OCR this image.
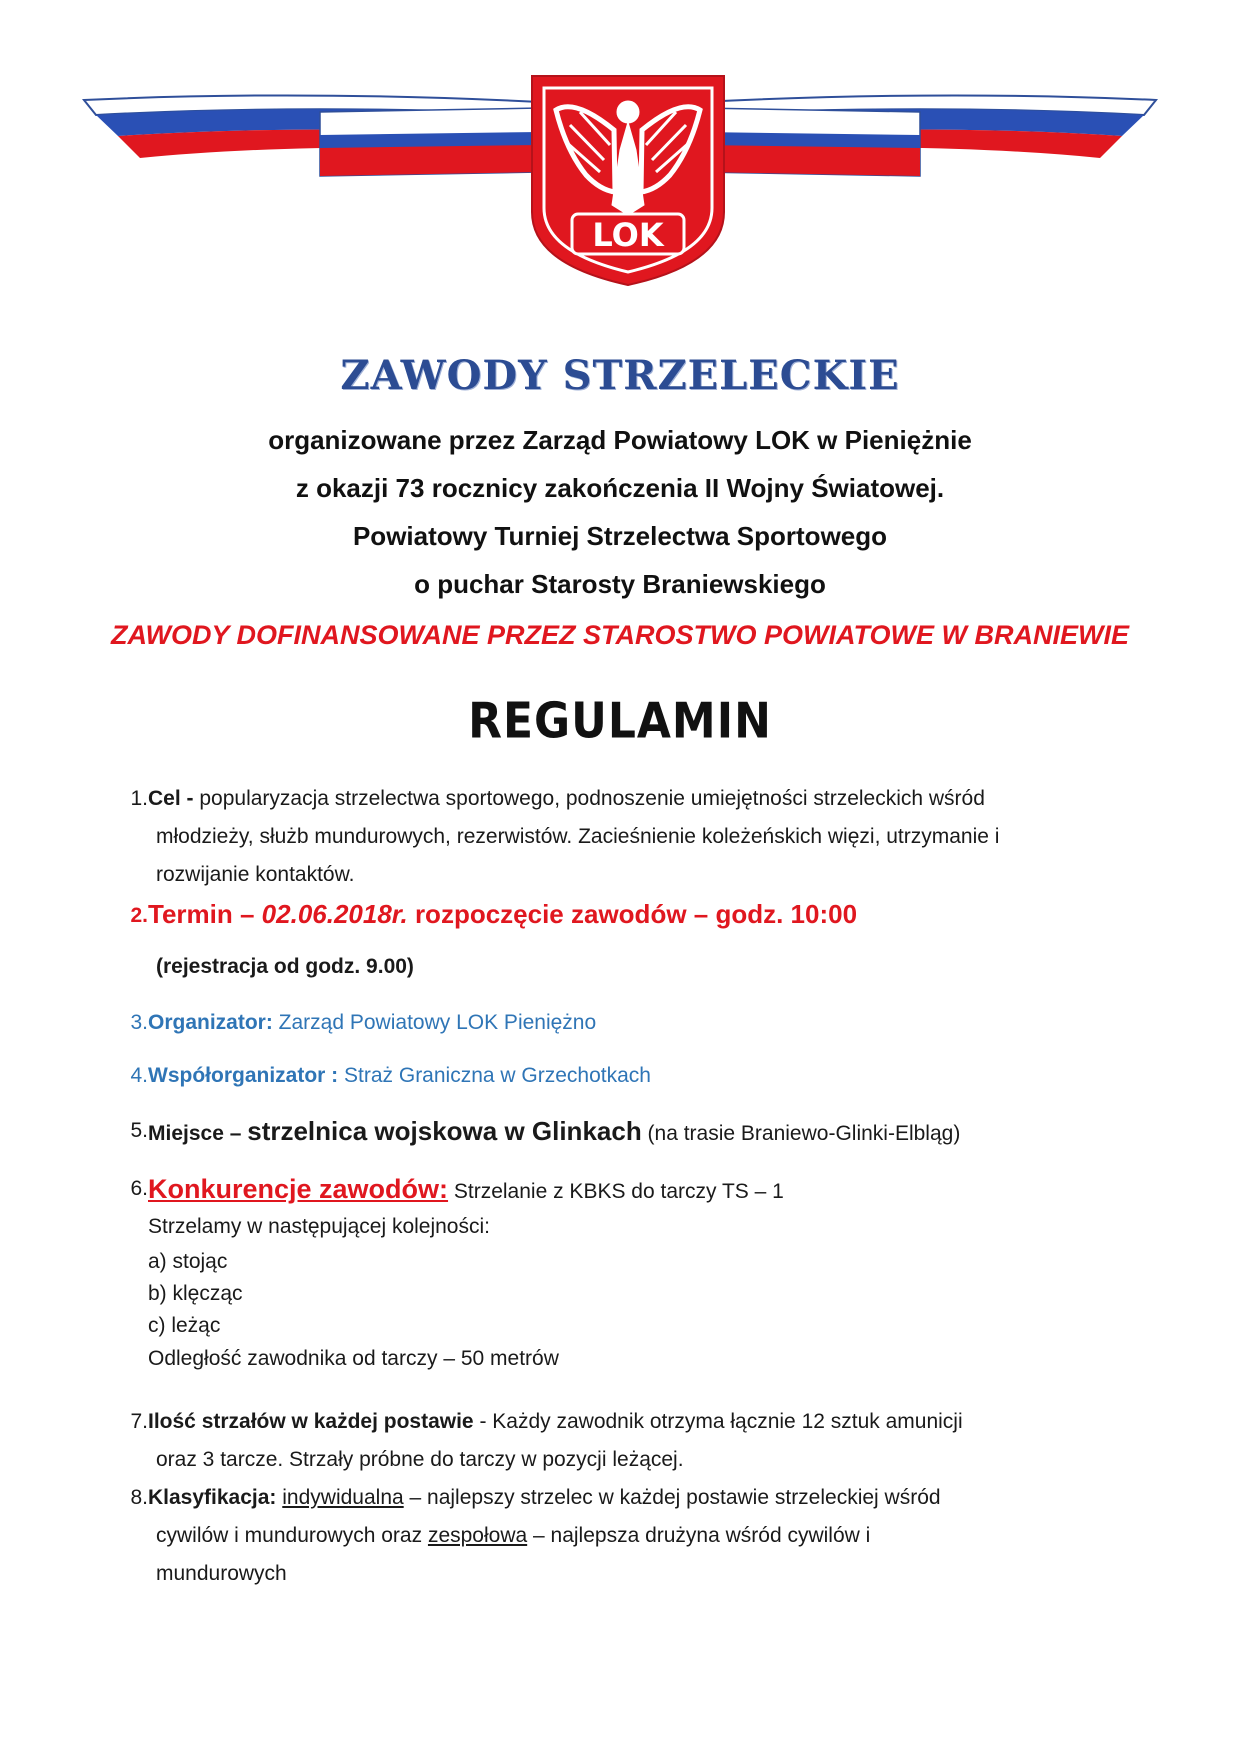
LOK
ZAWODY STRZELECKIE
organizowane przez Zarząd Powiatowy LOK w Pieniężnie
z okazji 73 rocznicy zakończenia II Wojny Światowej.
Powiatowy Turniej Strzelectwa Sportowego
o puchar Starosty Braniewskiego
ZAWODY DOFINANSOWANE PRZEZ STAROSTWO POWIATOWE W BRANIEWIE
REGULAMIN
1. Cel - popularyzacja strzelectwa sportowego, podnoszenie umiejętności strzeleckich wśród
młodzieży, służb mundurowych, rezerwistów. Zacieśnienie koleżeńskich więzi, utrzymanie i
rozwijanie kontaktów.
2. Termin – 02.06.2018r. rozpoczęcie zawodów – godz. 10:00
(rejestracja od godz. 9.00)
3. Organizator: Zarząd Powiatowy LOK Pieniężno
4. Współorganizator : Straż Graniczna w Grzechotkach
5. Miejsce – strzelnica wojskowa w Glinkach (na trasie Braniewo-Glinki-Elbląg)
6. Konkurencje zawodów: Strzelanie z KBKS do tarczy TS – 1
Strzelamy w następującej kolejności:
a) stojąc
b) klęcząc
c) leżąc
Odległość zawodnika od tarczy – 50 metrów
7. Ilość strzałów w każdej postawie - Każdy zawodnik otrzyma łącznie 12 sztuk amunicji
oraz 3 tarcze. Strzały próbne do tarczy w pozycji leżącej.
8. Klasyfikacja: indywidualna – najlepszy strzelec w każdej postawie strzeleckiej wśród
cywilów i mundurowych oraz zespołowa – najlepsza drużyna wśród cywilów i
mundurowych
